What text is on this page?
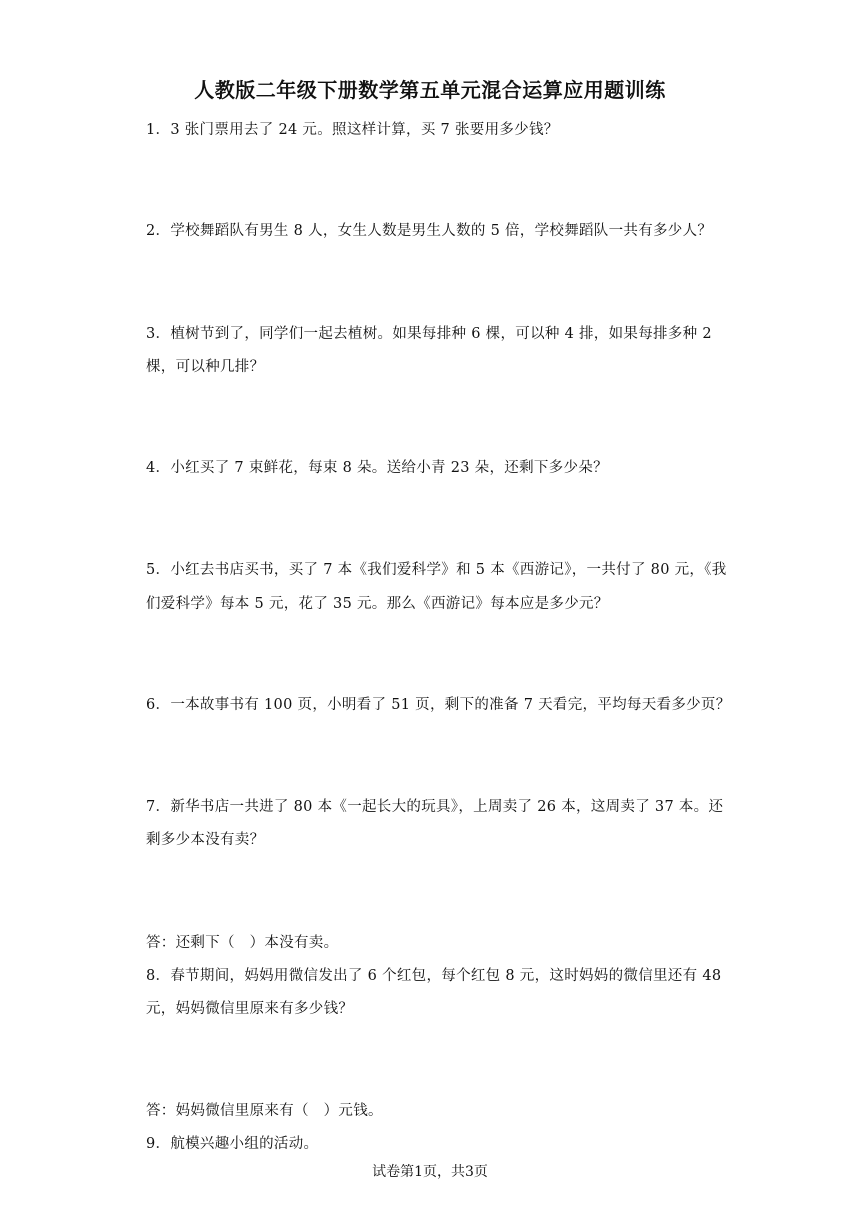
人教版二年级下册数学第五单元混合运算应用题训练
1．3 张门票用去了 24 元。照这样计算，买 7 张要用多少钱？
2．学校舞蹈队有男生 8 人，女生人数是男生人数的 5 倍，学校舞蹈队一共有多少人？
3．植树节到了，同学们一起去植树。如果每排种 6 棵，可以种 4 排，如果每排多种 2
棵，可以种几排？
4．小红买了 7 束鲜花，每束 8 朵。送给小青 23 朵，还剩下多少朵？
5．小红去书店买书，买了 7 本《我们爱科学》和 5 本《西游记》，一共付了 80 元，《我
们爱科学》每本 5 元，花了 35 元。那么《西游记》每本应是多少元？
6．一本故事书有 100 页，小明看了 51 页，剩下的准备 7 天看完，平均每天看多少页？
7．新华书店一共进了 80 本《一起长大的玩具》，上周卖了 26 本，这周卖了 37 本。还
剩多少本没有卖？
答：还剩下（　）本没有卖。
8．春节期间，妈妈用微信发出了 6 个红包，每个红包 8 元，这时妈妈的微信里还有 48
元，妈妈微信里原来有多少钱？
答：妈妈微信里原来有（　）元钱。
9．航模兴趣小组的活动。
试卷第1页，共3页
